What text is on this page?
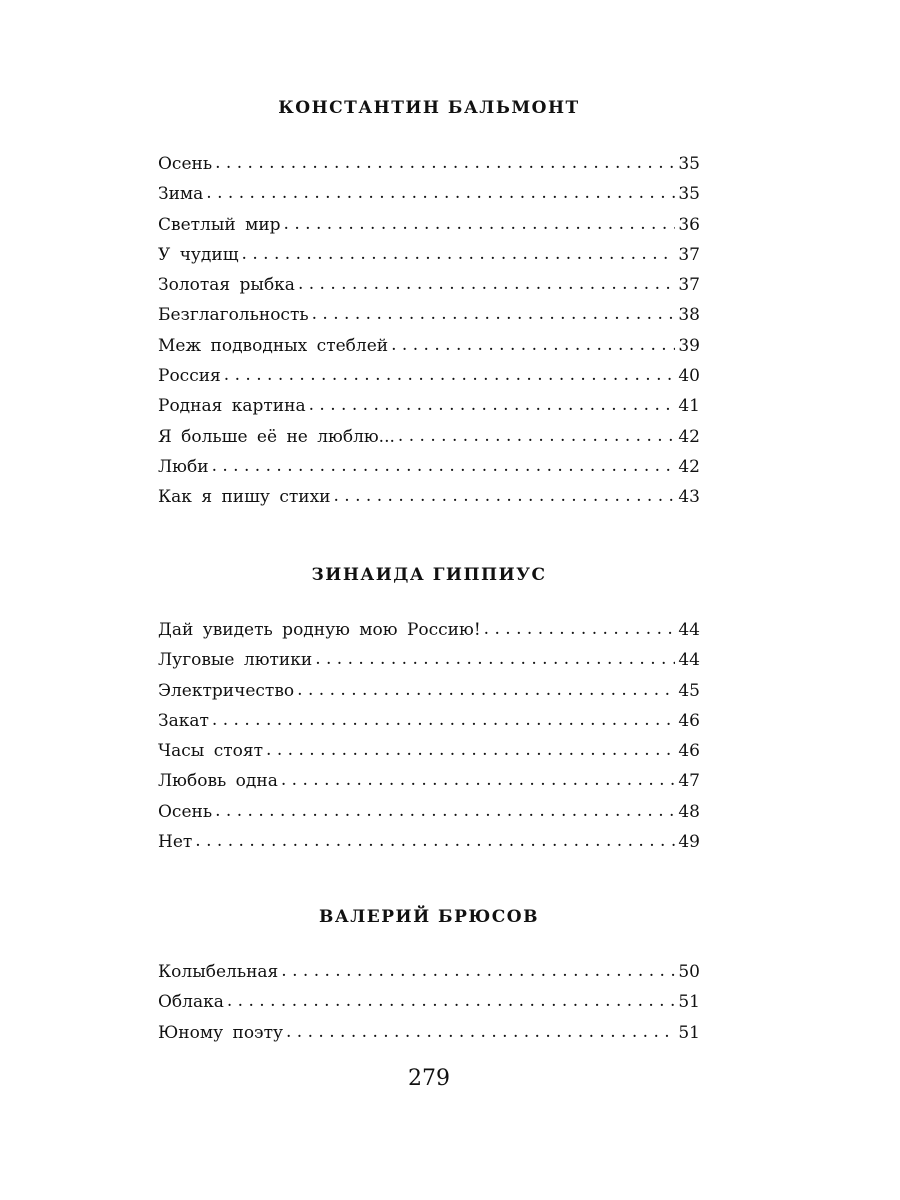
КОНСТАНТИН БАЛЬМОНТ
Осень . . .	35
Зима . . .	35
Светлый мир . . .	36
У чудищ . . .	37
Золотая рыбка . . .	37
Безглагольность . . .	38
Меж подводных стеблей . . .	39
Россия . . .	40
Родная картина . . .	41
Я больше её не люблю... . . .	42
Люби . . .	42
Как я пишу стихи . . .	43
ЗИНАИДА ГИППИУС
Дай увидеть родную мою Россию! . . .	44
Луговые лютики . . .	44
Электричество . . .	45
Закат . . .	46
Часы стоят . . .	46
Любовь одна . . .	47
Осень . . .	48
Нет . . .	49
ВАЛЕРИЙ БРЮСОВ
Колыбельная . . .	50
Облака . . .	51
Юному поэту . . .	51
279
